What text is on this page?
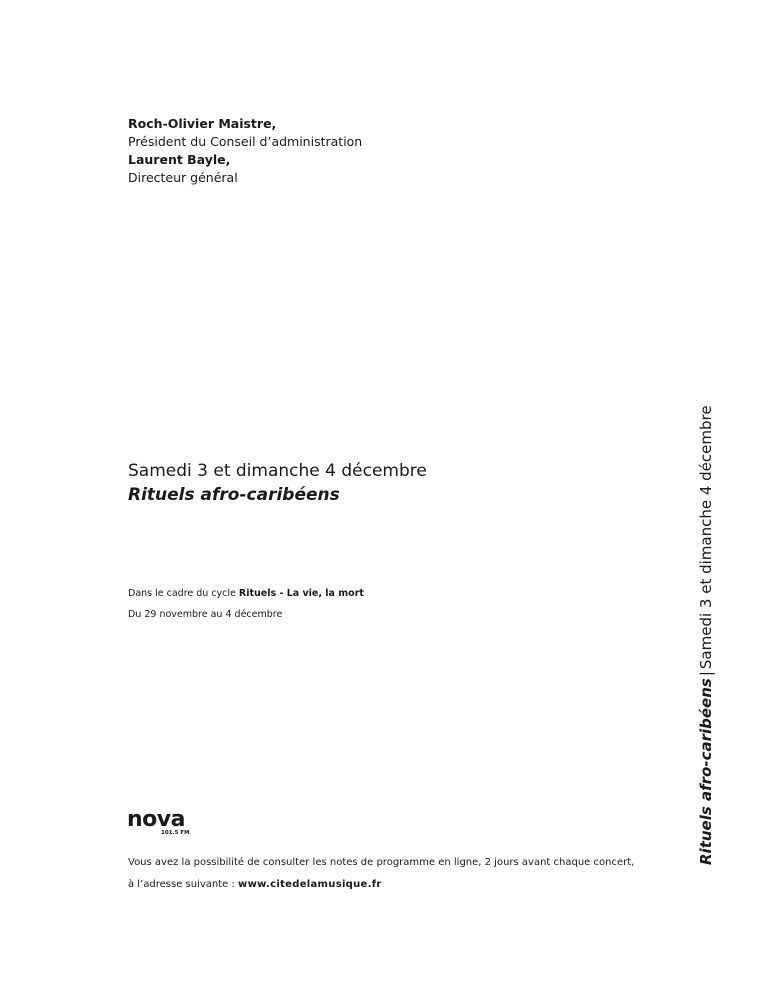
Roch-Olivier Maistre,
Président du Conseil d’administration
Laurent Bayle,
Directeur général
Samedi 3 et dimanche 4 décembre
Rituels afro-caribéens
Dans le cadre du cycle Rituels - La vie, la mort
Du 29 novembre au 4 décembre
nova
101.5 FM
Vous avez la possibilité de consulter les notes de programme en ligne, 2 jours avant chaque concert,
à l’adresse suivante : www.citedelamusique.fr
Rituels afro-caribéens|Samedi 3 et dimanche 4 décembre
